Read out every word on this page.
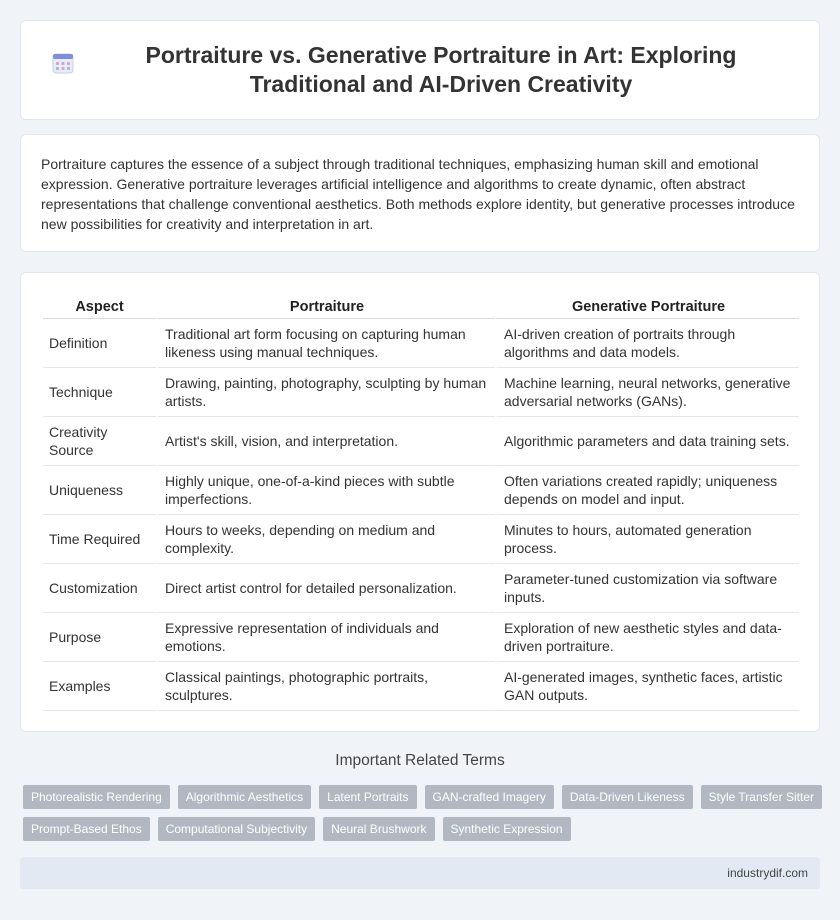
Portraiture vs. Generative Portraiture in Art: Exploring Traditional and AI-Driven Creativity

Portraiture captures the essence of a subject through traditional techniques, emphasizing human skill and emotional expression. Generative portraiture leverages artificial intelligence and algorithms to create dynamic, often abstract representations that challenge conventional aesthetics. Both methods explore identity, but generative processes introduce new possibilities for creativity and interpretation in art.

Aspect	Portraiture	Generative Portraiture
Definition	Traditional art form focusing on capturing human likeness using manual techniques.	AI-driven creation of portraits through algorithms and data models.
Technique	Drawing, painting, photography, sculpting by human artists.	Machine learning, neural networks, generative adversarial networks (GANs).
Creativity Source	Artist's skill, vision, and interpretation.	Algorithmic parameters and data training sets.
Uniqueness	Highly unique, one-of-a-kind pieces with subtle imperfections.	Often variations created rapidly; uniqueness depends on model and input.
Time Required	Hours to weeks, depending on medium and complexity.	Minutes to hours, automated generation process.
Customization	Direct artist control for detailed personalization.	Parameter-tuned customization via software inputs.
Purpose	Expressive representation of individuals and emotions.	Exploration of new aesthetic styles and data-driven portraiture.
Examples	Classical paintings, photographic portraits, sculptures.	AI-generated images, synthetic faces, artistic GAN outputs.
Important Related Terms
Photorealistic Rendering	Algorithmic Aesthetics	Latent Portraits	GAN-crafted Imagery	Data-Driven Likeness	Style Transfer Sitter
Prompt-Based Ethos	Computational Subjectivity	Neural Brushwork	Synthetic Expression
industrydif.com
